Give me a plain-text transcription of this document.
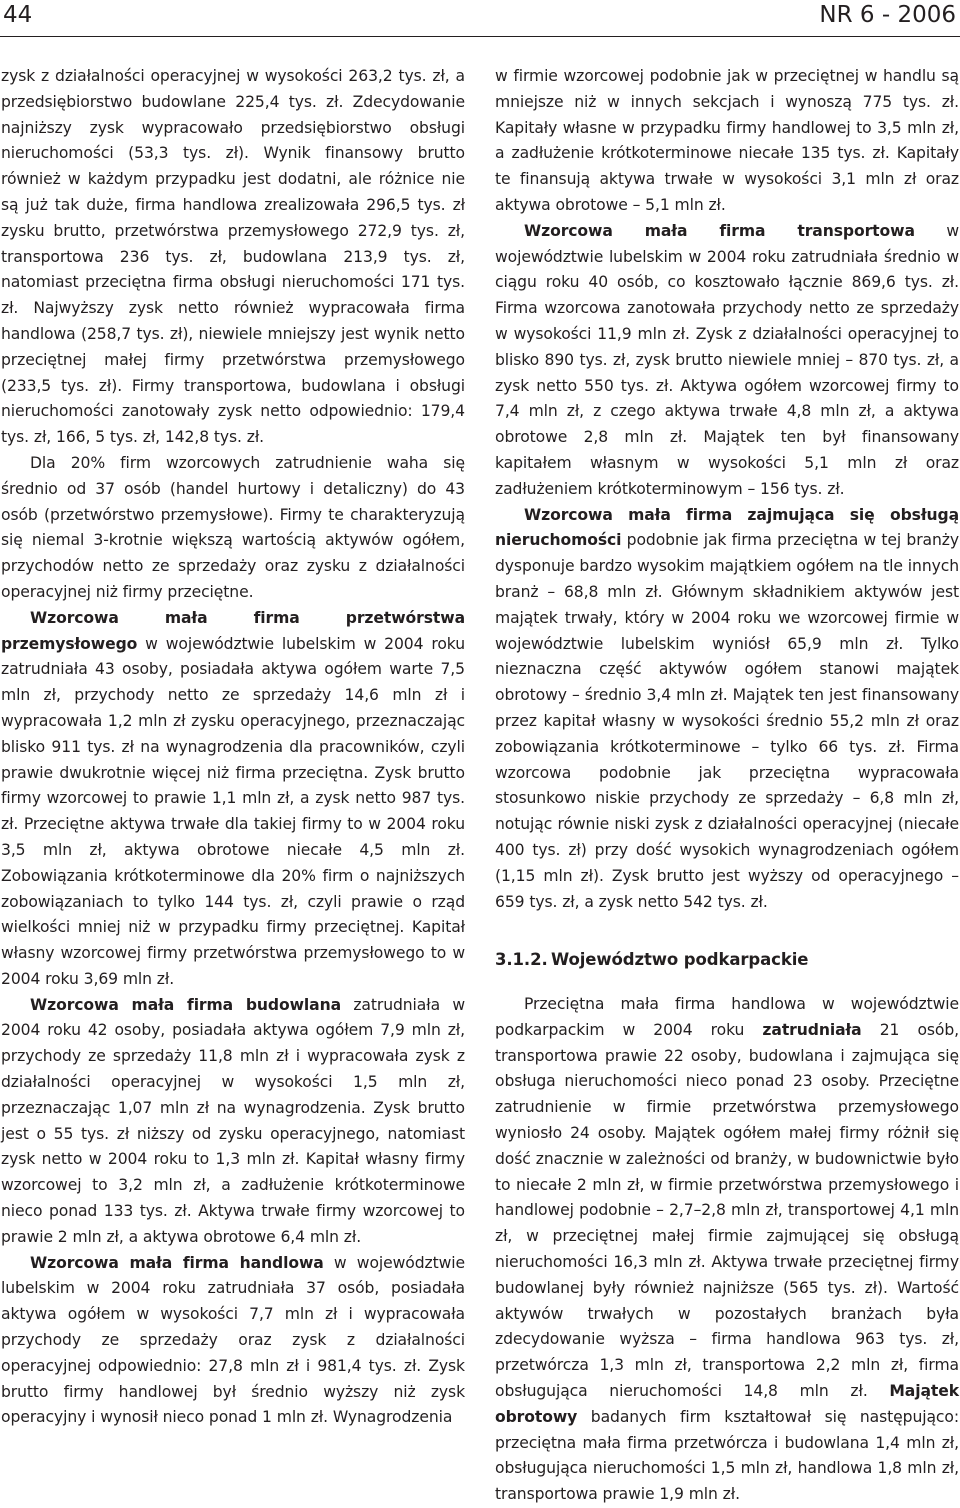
44	NR 6 - 2006

zysk z działalności operacyjnej w wysokości 263,2 tys. zł, a przedsiębiorstwo budowlane 225,4 tys. zł. Zdecydowanie najniższy zysk wypracowało przedsiębiorstwo obsługi nieruchomości (53,3 tys. zł). Wynik finansowy brutto również w każdym przypadku jest dodatni, ale różnice nie są już tak duże, firma handlowa zrealizowała 296,5 tys. zł zysku brutto, przetwórstwa przemysłowego 272,9 tys. zł, transportowa 236 tys. zł, budowlana 213,9 tys. zł, natomiast przeciętna firma obsługi nieruchomości 171 tys. zł. Najwyższy zysk netto również wypracowała firma handlowa (258,7 tys. zł), niewiele mniejszy jest wynik netto przeciętnej małej firmy przetwórstwa przemysłowego (233,5 tys. zł). Firmy transportowa, budowlana i obsługi nieruchomości zanotowały zysk netto odpowiednio: 179,4 tys. zł, 166, 5 tys. zł, 142,8 tys. zł.

Dla 20% firm wzorcowych zatrudnienie waha się średnio od 37 osób (handel hurtowy i detaliczny) do 43 osób (przetwórstwo przemysłowe). Firmy te charakteryzują się niemal 3-krotnie większą wartością aktywów ogółem, przychodów netto ze sprzedaży oraz zysku z działalności operacyjnej niż firmy przeciętne.

Wzorcowa mała firma przetwórstwa przemysłowego w województwie lubelskim w 2004 roku zatrudniała 43 osoby, posiadała aktywa ogółem warte 7,5 mln zł, przychody netto ze sprzedaży 14,6 mln zł i wypracowała 1,2 mln zł zysku operacyjnego, przeznaczając blisko 911 tys. zł na wynagrodzenia dla pracowników, czyli prawie dwukrotnie więcej niż firma przeciętna. Zysk brutto firmy wzorcowej to prawie 1,1 mln zł, a zysk netto 987 tys. zł. Przeciętne aktywa trwałe dla takiej firmy to w 2004 roku 3,5 mln zł, aktywa obrotowe niecałe 4,5 mln zł. Zobowiązania krótkoterminowe dla 20% firm o najniższych zobowiązaniach to tylko 144 tys. zł, czyli prawie o rząd wielkości mniej niż w przypadku firmy przeciętnej. Kapitał własny wzorcowej firmy przetwórstwa przemysłowego to w 2004 roku 3,69 mln zł.

Wzorcowa mała firma budowlana zatrudniała w 2004 roku 42 osoby, posiadała aktywa ogółem 7,9 mln zł, przychody ze sprzedaży 11,8 mln zł i wypracowała zysk z działalności operacyjnej w wysokości 1,5 mln zł, przeznaczając 1,07 mln zł na wynagrodzenia. Zysk brutto jest o 55 tys. zł niższy od zysku operacyjnego, natomiast zysk netto w 2004 roku to 1,3 mln zł. Kapitał własny firmy wzorcowej to 3,2 mln zł, a zadłużenie krótkoterminowe nieco ponad 133 tys. zł. Aktywa trwałe firmy wzorcowej to prawie 2 mln zł, a aktywa obrotowe 6,4 mln zł.

Wzorcowa mała firma handlowa w województwie lubelskim w 2004 roku zatrudniała 37 osób, posiadała aktywa ogółem w wysokości 7,7 mln zł i wypracowała przychody ze sprzedaży oraz zysk z działalności operacyjnej odpowiednio: 27,8 mln zł i 981,4 tys. zł. Zysk brutto firmy handlowej był średnio wyższy niż zysk operacyjny i wynosił nieco ponad 1 mln zł. Wynagrodzenia

w firmie wzorcowej podobnie jak w przeciętnej w handlu są mniejsze niż w innych sekcjach i wynoszą 775 tys. zł. Kapitały własne w przypadku firmy handlowej to 3,5 mln zł, a zadłużenie krótkoterminowe niecałe 135 tys. zł. Kapitały te finansują aktywa trwałe w wysokości 3,1 mln zł oraz aktywa obrotowe – 5,1 mln zł.

Wzorcowa mała firma transportowa w województwie lubelskim w 2004 roku zatrudniała średnio w ciągu roku 40 osób, co kosztowało łącznie 869,6 tys. zł. Firma wzorcowa zanotowała przychody netto ze sprzedaży w wysokości 11,9 mln zł. Zysk z działalności operacyjnej to blisko 890 tys. zł, zysk brutto niewiele mniej – 870 tys. zł, a zysk netto 550 tys. zł. Aktywa ogółem wzorcowej firmy to 7,4 mln zł, z czego aktywa trwałe 4,8 mln zł, a aktywa obrotowe 2,8 mln zł. Majątek ten był finansowany kapitałem własnym w wysokości 5,1 mln zł oraz zadłużeniem krótkoterminowym – 156 tys. zł.

Wzorcowa mała firma zajmująca się obsługą nieruchomości podobnie jak firma przeciętna w tej branży dysponuje bardzo wysokim majątkiem ogółem na tle innych branż – 68,8 mln zł. Głównym składnikiem aktywów jest majątek trwały, który w 2004 roku we wzorcowej firmie w województwie lubelskim wyniósł 65,9 mln zł. Tylko nieznaczna część aktywów ogółem stanowi majątek obrotowy – średnio 3,4 mln zł. Majątek ten jest finansowany przez kapitał własny w wysokości średnio 55,2 mln zł oraz zobowiązania krótkoterminowe – tylko 66 tys. zł. Firma wzorcowa podobnie jak przeciętna wypracowała stosunkowo niskie przychody ze sprzedaży – 6,8 mln zł, notując równie niski zysk z działalności operacyjnej (niecałe 400 tys. zł) przy dość wysokich wynagrodzeniach ogółem (1,15 mln zł). Zysk brutto jest wyższy od operacyjnego – 659 tys. zł, a zysk netto 542 tys. zł.

3.1.2. Województwo podkarpackie

Przeciętna mała firma handlowa w województwie podkarpackim w 2004 roku zatrudniała 21 osób, transportowa prawie 22 osoby, budowlana i zajmująca się obsługa nieruchomości nieco ponad 23 osoby. Przeciętne zatrudnienie w firmie przetwórstwa przemysłowego wyniosło 24 osoby. Majątek ogółem małej firmy różnił się dość znacznie w zależności od branży, w budownictwie było to niecałe 2 mln zł, w firmie przetwórstwa przemysłowego i handlowej podobnie – 2,7–2,8 mln zł, transportowej 4,1 mln zł, w przeciętnej małej firmie zajmującej się obsługą nieruchomości 16,3 mln zł. Aktywa trwałe przeciętnej firmy budowlanej były również najniższe (565 tys. zł). Wartość aktywów trwałych w pozostałych branżach była zdecydowanie wyższa – firma handlowa 963 tys. zł, przetwórcza 1,3 mln zł, transportowa 2,2 mln zł, firma obsługująca nieruchomości 14,8 mln zł. Majątek obrotowy badanych firm kształtował się następująco: przeciętna mała firma przetwórcza i budowlana 1,4 mln zł, obsługująca nieruchomości 1,5 mln zł, handlowa 1,8 mln zł, transportowa prawie 1,9 mln zł.
